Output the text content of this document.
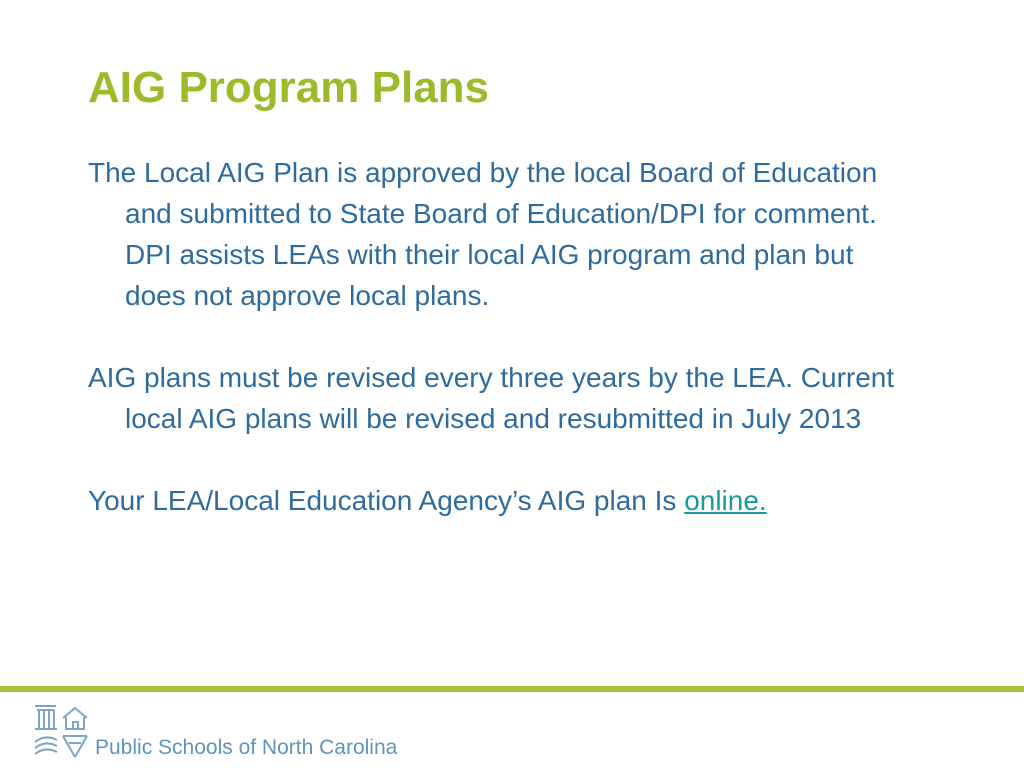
AIG Program Plans

The Local AIG Plan is approved by the local Board of Education and submitted to State Board of Education/DPI for comment. DPI assists LEAs with their local AIG program and plan but does not approve local plans.

AIG plans must be revised every three years by the LEA. Current local AIG plans will be revised and resubmitted in July 2013

Your LEA/Local Education Agency’s AIG plan Is online.

Public Schools of North Carolina
